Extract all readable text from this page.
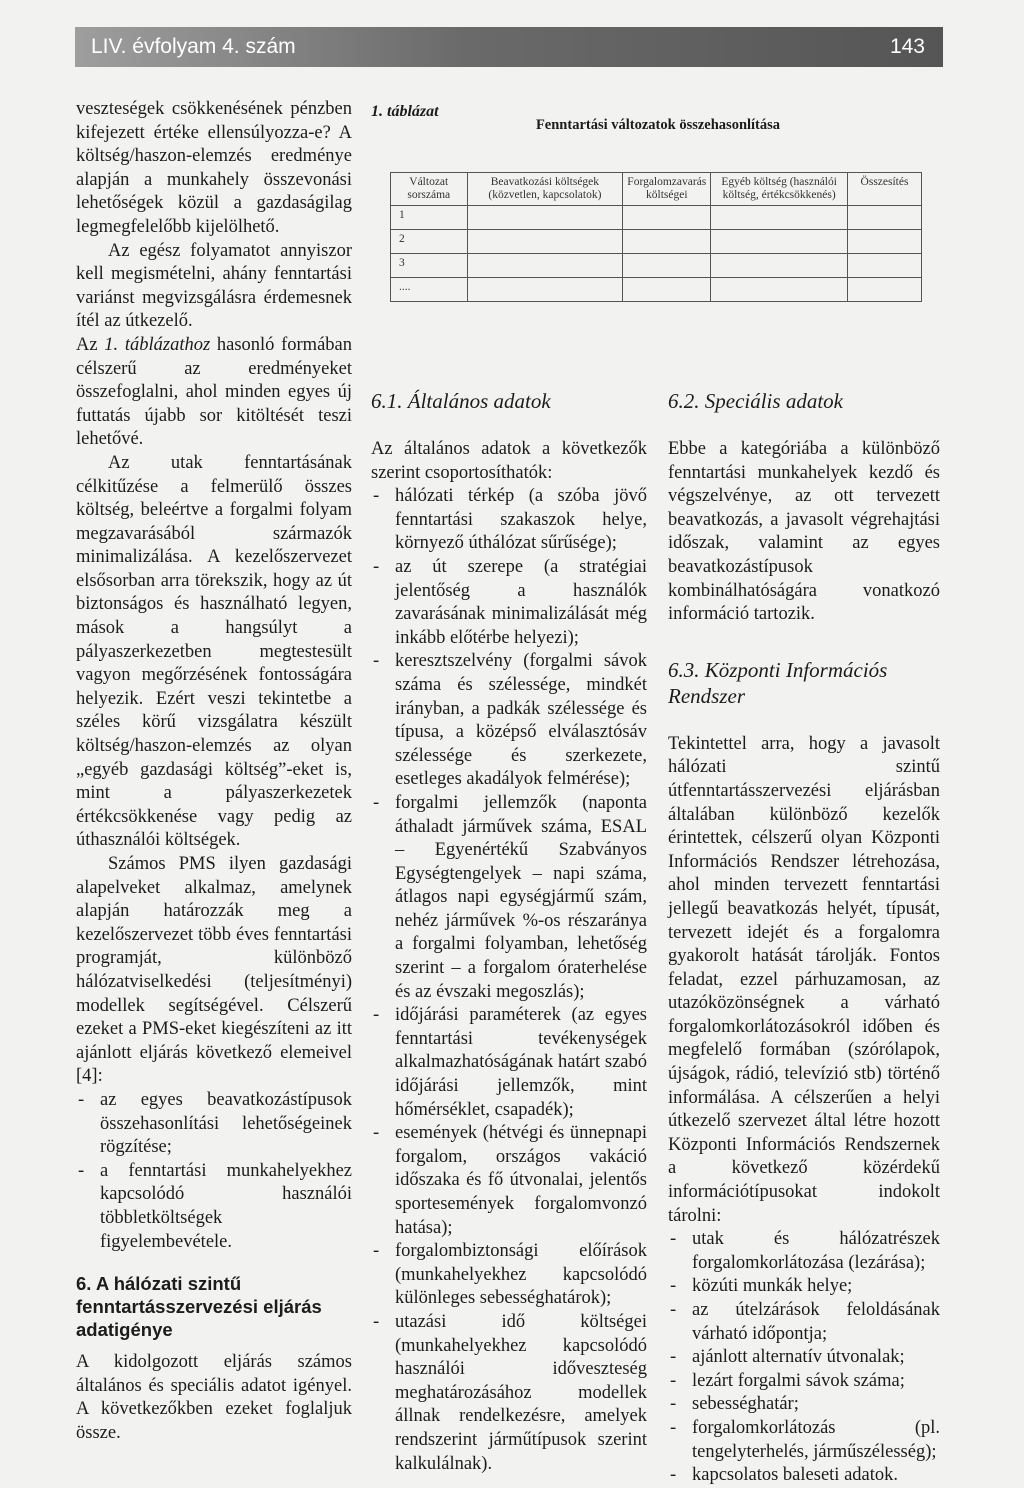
LIV. évfolyam 4. szám	143

veszteségek csökkenésének pénzben kifejezett értéke ellensúlyozza-e? A költség/haszon-elemzés eredménye alapján a munkahely összevonási lehetőségek közül a gazdaságilag legmegfelelőbb kijelölhető.

Az egész folyamatot annyiszor kell megismételni, ahány fenntartási variánst megvizsgálásra érdemesnek ítél az útkezelő.

Az 1. táblázathoz hasonló formában célszerű az eredményeket összefoglalni, ahol minden egyes új futtatás újabb sor kitöltését teszi lehetővé.

Az utak fenntartásának célkitűzése a felmerülő összes költség, beleértve a forgalmi folyam megzavarásából származók minimalizálása. A kezelőszervezet elsősorban arra törekszik, hogy az út biztonságos és használható legyen, mások a hangsúlyt a pályaszerkezetben megtestesült vagyon megőrzésének fontosságára helyezik. Ezért veszi tekintetbe a széles körű vizsgálatra készült költség/haszon-elemzés az olyan „egyéb gazdasági költség”-eket is, mint a pályaszerkezetek értékcsökkenése vagy pedig az úthasználói költségek.

Számos PMS ilyen gazdasági alapelveket alkalmaz, amelynek alapján határozzák meg a kezelőszervezet több éves fenntartási programját, különböző hálózatviselkedési (teljesítményi) modellek segítségével. Célszerű ezeket a PMS-eket kiegészíteni az itt ajánlott eljárás következő elemeivel [4]:

- az egyes beavatkozástípusok összehasonlítási lehetőségeinek rögzítése;
- a fenntartási munkahelyekhez kapcsolódó használói többletköltségek figyelembevétele.
6. A hálózati szintű fenntartásszervezési eljárás adatigénye

A kidolgozott eljárás számos általános és speciális adatot igényel. A következőkben ezeket foglaljuk össze.

1. táblázat
Fenntartási változatok összehasonlítása
Változat sorszáma	Beavatkozási költségek (közvetlen, kapcsolatok)	Forgalomzavarás költségei	Egyéb költség (használói költség, értékcsökkenés)	Összesítés
1				
2				
3				
....				
6.1. Általános adatok

Az általános adatok a következők szerint csoportosíthatók:

- hálózati térkép (a szóba jövő fenntartási szakaszok helye, környező úthálózat sűrűsége);
- az út szerepe (a stratégiai jelentőség a használók zavarásának minimalizálását még inkább előtérbe helyezi);
- keresztszelvény (forgalmi sávok száma és szélessége, mindkét irányban, a padkák szélessége és típusa, a középső elválasztósáv szélessége és szerkezete, esetleges akadályok felmérése);
- forgalmi jellemzők (naponta áthaladt járművek száma, ESAL – Egyenértékű Szabványos Egységtengelyek – napi száma, átlagos napi egységjármű szám, nehéz járművek %-os részaránya a forgalmi folyamban, lehetőség szerint – a forgalom óraterhelése és az évszaki megoszlás);
- időjárási paraméterek (az egyes fenntartási tevékenységek alkalmazhatóságának határt szabó időjárási jellemzők, mint hőmérséklet, csapadék);
- események (hétvégi és ünnepnapi forgalom, országos vakáció időszaka és fő útvonalai, jelentős sportesemények forgalomvonzó hatása);
- forgalombiztonsági előírások (munkahelyekhez kapcsolódó különleges sebességhatárok);
- utazási idő költségei (munkahelyekhez kapcsolódó használói időveszteség meghatározásához modellek állnak rendelkezésre, amelyek rendszerint járműtípusok szerint kalkulálnak).
6.2. Speciális adatok

Ebbe a kategóriába a különböző fenntartási munkahelyek kezdő és végszelvénye, az ott tervezett beavatkozás, a javasolt végrehajtási időszak, valamint az egyes beavatkozástípusok kombinálhatóságára vonatkozó információ tartozik.

6.3. Központi Információs Rendszer

Tekintettel arra, hogy a javasolt hálózati szintű útfenntartásszervezési eljárásban általában különböző kezelők érintettek, célszerű olyan Központi Információs Rendszer létrehozása, ahol minden tervezett fenntartási jellegű beavatkozás helyét, típusát, tervezett idejét és a forgalomra gyakorolt hatását tárolják. Fontos feladat, ezzel párhuzamosan, az utazóközönségnek a várható forgalomkorlátozásokról időben és megfelelő formában (szórólapok, újságok, rádió, televízió stb) történő informálása. A célszerűen a helyi útkezelő szervezet által létre hozott Központi Információs Rendszernek a következő közérdekű információtípusokat indokolt tárolni:

- utak és hálózatrészek forgalomkorlátozása (lezárása);
- közúti munkák helye;
- az útelzárások feloldásának várható időpontja;
- ajánlott alternatív útvonalak;
- lezárt forgalmi sávok száma;
- sebességhatár;
- forgalomkorlátozás (pl. tengelyterhelés, járműszélesség);
- kapcsolatos baleseti adatok.
